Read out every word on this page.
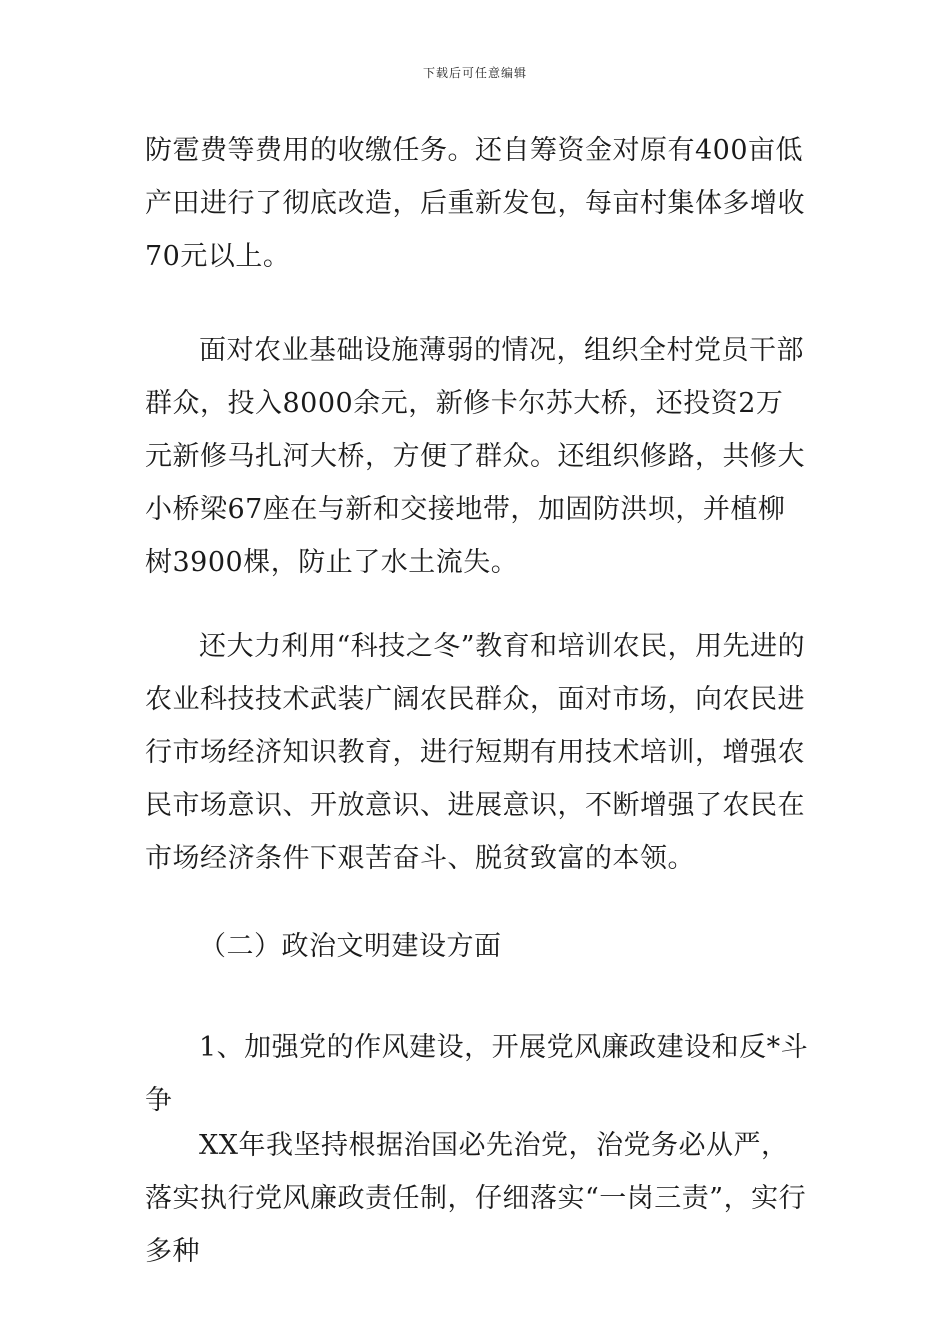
下载后可任意编辑

防雹费等费用的收缴任务。还自筹资金对原有400亩低产田进行了彻底改造，后重新发包，每亩村集体多增收70元以上。

面对农业基础设施薄弱的情况，组织全村党员干部群众，投入8000余元，新修卡尔苏大桥，还投资2万元新修马扎河大桥，方便了群众。还组织修路，共修大小桥梁67座在与新和交接地带，加固防洪坝，并植柳树3900棵，防止了水土流失。

还大力利用“科技之冬”教育和培训农民，用先进的农业科技技术武装广阔农民群众，面对市场，向农民进行市场经济知识教育，进行短期有用技术培训，增强农民市场意识、开放意识、进展意识，不断增强了农民在市场经济条件下艰苦奋斗、脱贫致富的本领。

（二）政治文明建设方面

1、加强党的作风建设，开展党风廉政建设和反*斗争

XX年我坚持根据治国必先治党，治党务必从严，落实执行党风廉政责任制，仔细落实“一岗三责”，实行多种
